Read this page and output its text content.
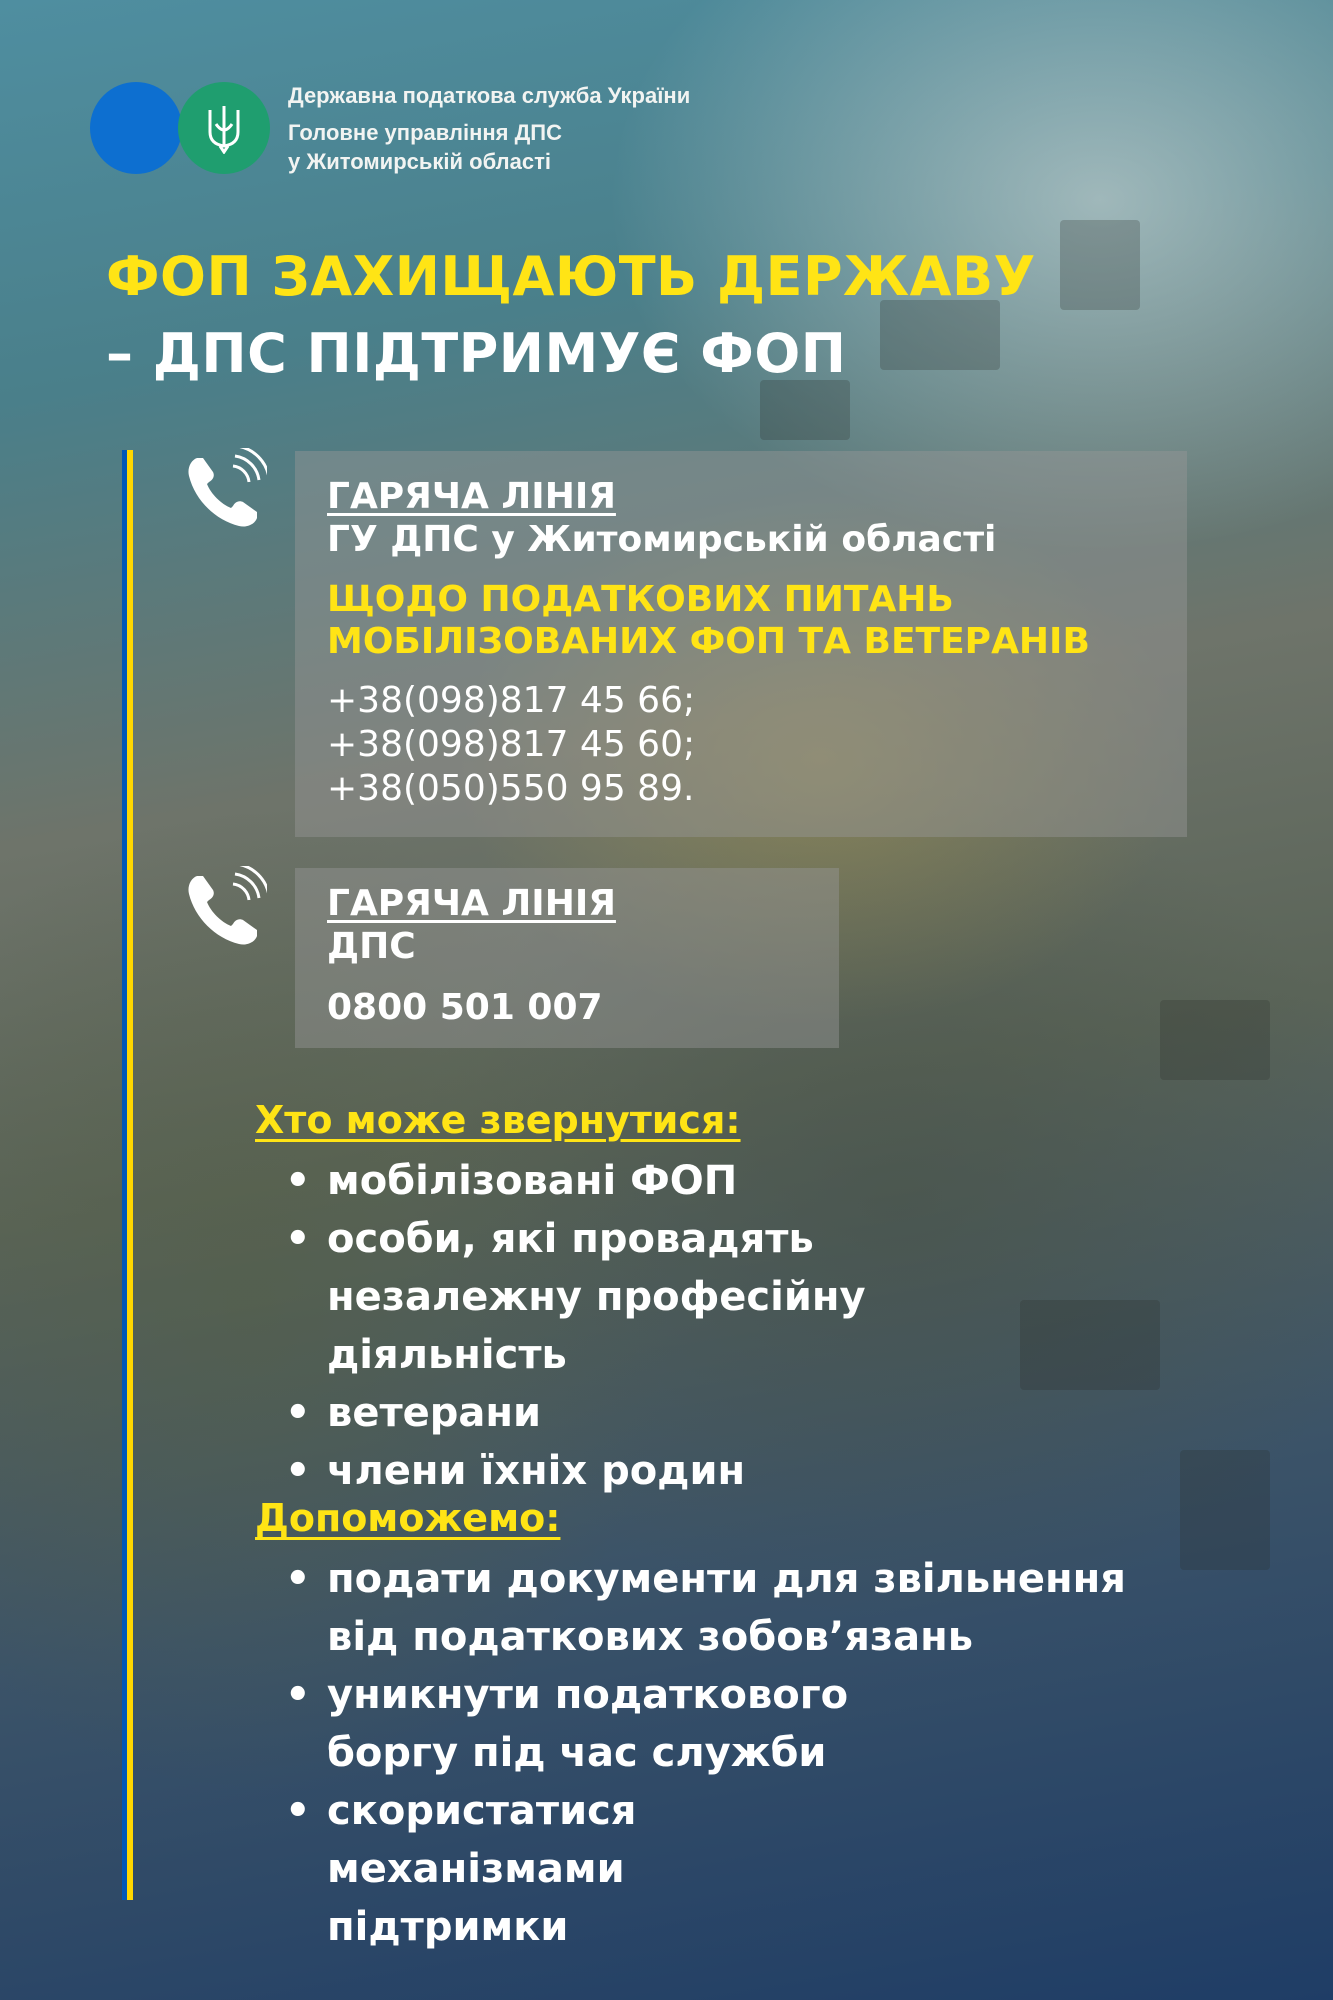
Державна податкова служба України
Головне управління ДПС
у Житомирській області
ФОП ЗАХИЩАЮТЬ ДЕРЖАВУ
– ДПС ПІДТРИМУЄ ФОП
ГАРЯЧА ЛІНІЯ
ГУ ДПС у Житомирській області
ЩОДО ПОДАТКОВИХ ПИТАНЬ
МОБІЛІЗОВАНИХ ФОП ТА ВЕТЕРАНІВ
+38(098)817 45 66;
+38(098)817 45 60;
+38(050)550 95 89.
ГАРЯЧА ЛІНІЯ
ДПС
0800 501 007
Хто може звернутися:
• мобілізовані ФОП
• особи, які провадять незалежну професійну діяльність
• ветерани
• члени їхніх родин
Допоможемо:
• подати документи для звільнення від податкових зобов’язань
• уникнути податкового боргу під час служби
• скористатися механізмами підтримки
